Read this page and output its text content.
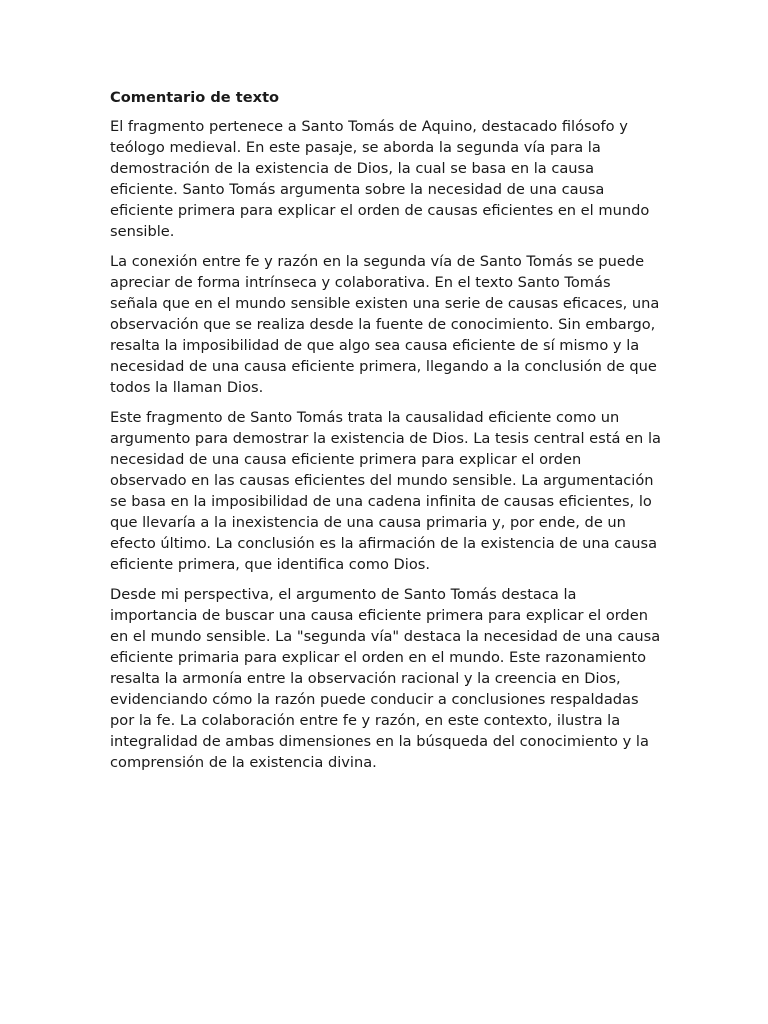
Comentario de texto

El fragmento pertenece a Santo Tomás de Aquino, destacado filósofo y teólogo medieval. En este pasaje, se aborda la segunda vía para la demostración de la existencia de Dios, la cual se basa en la causa eficiente. Santo Tomás argumenta sobre la necesidad de una causa eficiente primera para explicar el orden de causas eficientes en el mundo sensible.

La conexión entre fe y razón en la segunda vía de Santo Tomás se puede apreciar de forma intrínseca y colaborativa. En el texto Santo Tomás señala que en el mundo sensible existen una serie de causas eficaces, una observación que se realiza desde la fuente de conocimiento. Sin embargo, resalta la imposibilidad de que algo sea causa eficiente de sí mismo y la necesidad de una causa eficiente primera, llegando a la conclusión de que todos la llaman Dios.

Este fragmento de Santo Tomás trata la causalidad eficiente como un argumento para demostrar la existencia de Dios. La tesis central está en la necesidad de una causa eficiente primera para explicar el orden observado en las causas eficientes del mundo sensible. La argumentación se basa en la imposibilidad de una cadena infinita de causas eficientes, lo que llevaría a la inexistencia de una causa primaria y, por ende, de un efecto último. La conclusión es la afirmación de la existencia de una causa eficiente primera, que identifica como Dios.

Desde mi perspectiva, el argumento de Santo Tomás destaca la importancia de buscar una causa eficiente primera para explicar el orden en el mundo sensible. La "segunda vía" destaca la necesidad de una causa eficiente primaria para explicar el orden en el mundo. Este razonamiento resalta la armonía entre la observación racional y la creencia en Dios, evidenciando cómo la razón puede conducir a conclusiones respaldadas por la fe. La colaboración entre fe y razón, en este contexto, ilustra la integralidad de ambas dimensiones en la búsqueda del conocimiento y la comprensión de la existencia divina.
